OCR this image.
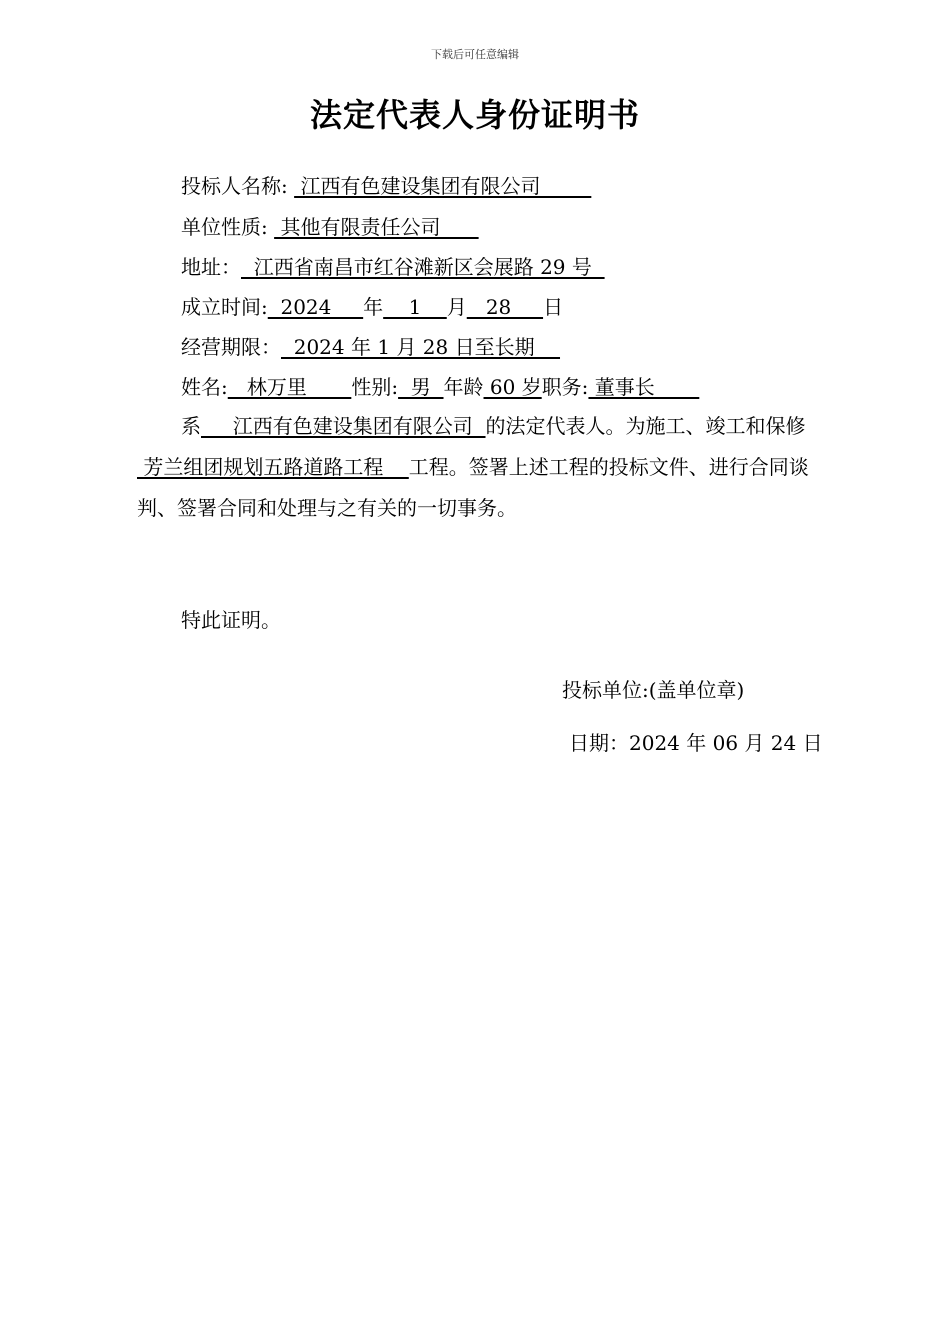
下载后可任意编辑
法定代表人身份证明书
投标人名称:  江西有色建设集团有限公司
单位性质:  其他有限责任公司
地址：  江西省南昌市红谷滩新区会展路 29 号
成立时间:  2024     年    1    月   28     日
经营期限：  2024 年 1 月 28 日至长期
姓名:   林万里       性别:  男  年龄 60 岁职务: 董事长
系     江西有色建设集团有限公司  的法定代表人。为施工、竣工和保修 芳兰组团规划五路道路工程    工程。签署上述工程的投标文件、进行合同谈判、签署合同和处理与之有关的一切事务。
特此证明。
投标单位:(盖单位章)
日期：2024 年 06 月 24 日
